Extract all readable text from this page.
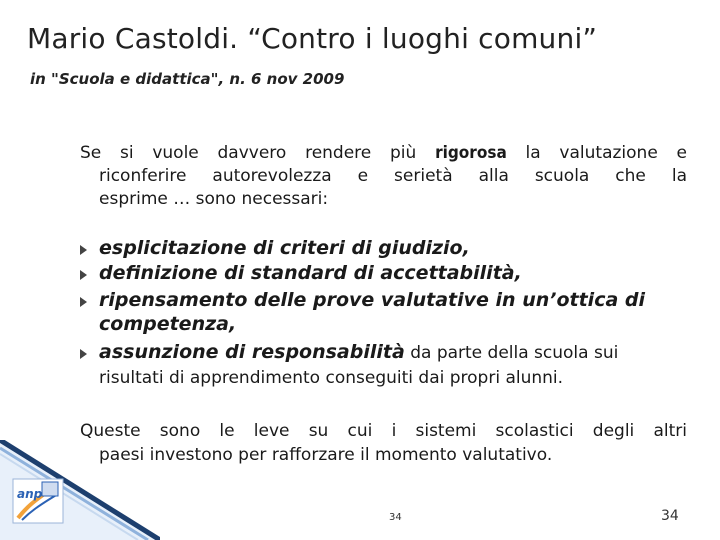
Mario Castoldi. “Contro i luoghi comuni”
in "Scuola e didattica", n. 6 nov 2009
Se si vuole davvero rendere più rigorosa la valutazione e
riconferire autorevolezza e serietà alla scuola che la
esprime … sono necessari:
esplicitazione di criteri di giudizio,
definizione di standard di accettabilità,
ripensamento delle prove valutative in un’ottica di competenza,
assunzione di responsabilità da parte della scuola sui
risultati di apprendimento conseguiti dai propri alunni.
Queste sono le leve su cui i sistemi scolastici degli altri
paesi investono per rafforzare il momento valutativo.
anp
34	34
